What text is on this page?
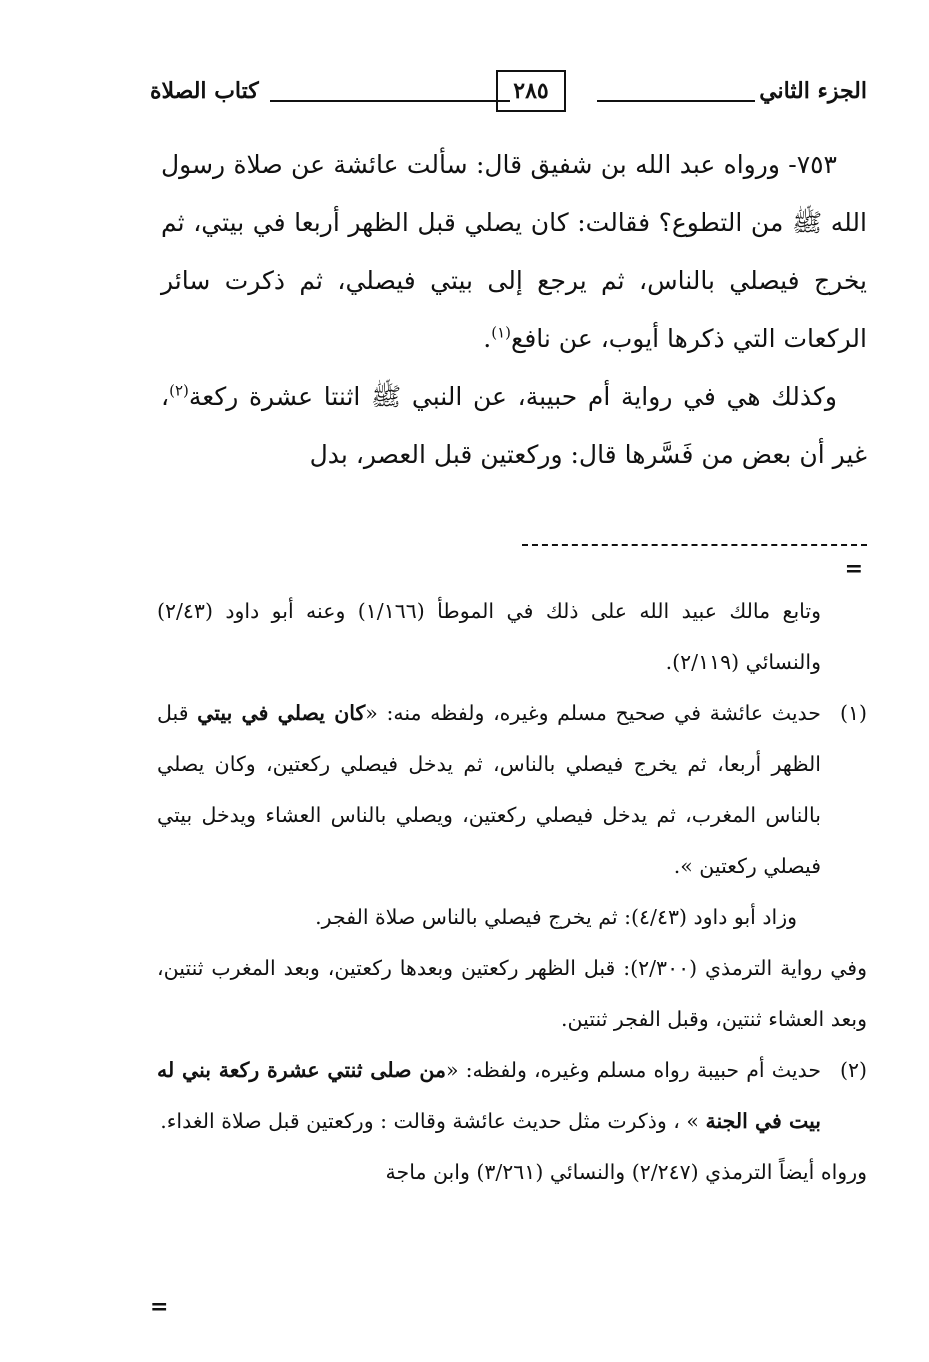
الجزء الثاني
٢٨٥
كتاب الصلاة

٧٥٣- ورواه عبد الله بن شفيق قال: سألت عائشة عن صلاة رسول الله ﷺ من التطوع؟ فقالت: كان يصلي قبل الظهر أربعا في بيتي، ثم يخرج فيصلي بالناس، ثم يرجع إلى بيتي فيصلي، ثم ذكرت سائر الركعات التي ذكرها أيوب، عن نافع$^{(١)}$.

وكذلك هي في رواية أم حبيبة، عن النبي ﷺ اثنتا عشرة ركعة$^{(٢)}$، غير أن بعض من فَسَّرها قال: وركعتين قبل العصر، بدل

=

وتابع مالك عبيد الله على ذلك في الموطأ (١/١٦٦) وعنه أبو داود (٢/٤٣) والنسائي (٢/١١٩).

(١)
حديث عائشة في صحيح مسلم وغيره، ولفظه منه: «كان يصلي في بيتي قبل الظهر أربعا، ثم يخرج فيصلي بالناس، ثم يدخل فيصلي ركعتين، وكان يصلي بالناس المغرب، ثم يدخل فيصلي ركعتين، ويصلي بالناس العشاء ويدخل بيتي فيصلي ركعتين ».

وزاد أبو داود (٤/٤٣): ثم يخرج فيصلي بالناس صلاة الفجر.

وفي رواية الترمذي (٢/٣٠٠): قبل الظهر ركعتين وبعدها ركعتين، وبعد المغرب ثنتين، وبعد العشاء ثنتين، وقبل الفجر ثنتين.

(٢)
حديث أم حبيبة رواه مسلم وغيره، ولفظه: «من صلى ثنتي عشرة ركعة بني له بيت في الجنة » ، وذكرت مثل حديث عائشة وقالت : وركعتين قبل صلاة الغداء.

ورواه أيضاً الترمذي (٢/٢٤٧) والنسائي (٣/٢٦١) وابن ماجة

=
